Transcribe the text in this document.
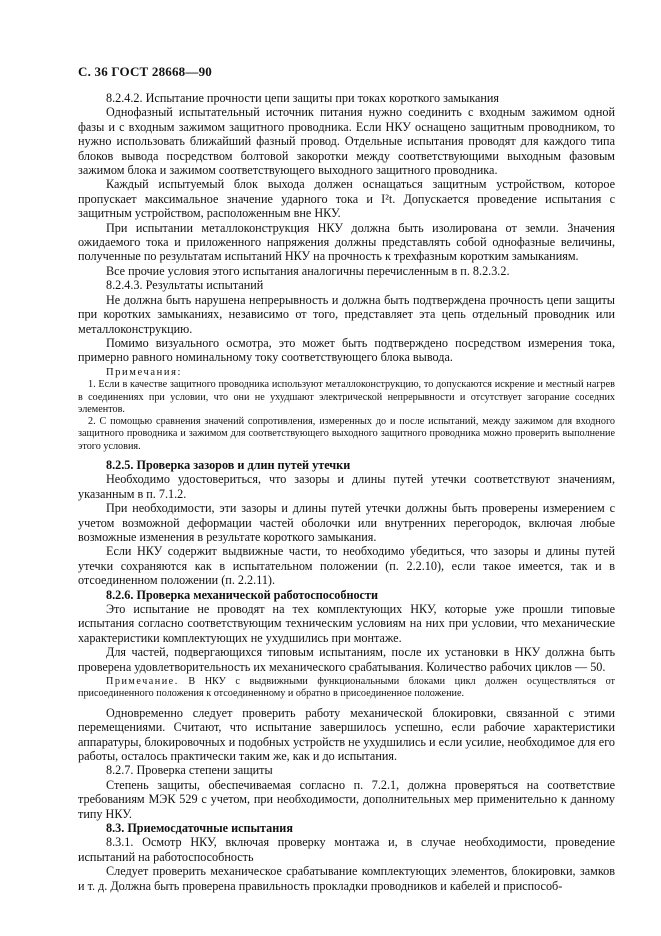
С. 36 ГОСТ 28668—90

8.2.4.2. Испытание прочности цепи защиты при токах короткого замыкания

Однофазный испытательный источник питания нужно соединить с входным зажимом одной фазы и с входным зажимом защитного проводника. Если НКУ оснащено защитным проводником, то нужно использовать ближайший фазный провод. Отдельные испытания проводят для каждого типа блоков вывода посредством болтовой закоротки между соответствующими выходным фазовым зажимом блока и зажимом соответствующего выходного защитного проводника.

Каждый испытуемый блок выхода должен оснащаться защитным устройством, которое пропускает максимальное значение ударного тока и I²t. Допускается проведение испытания с защитным устройством, расположенным вне НКУ.

При испытании металлоконструкция НКУ должна быть изолирована от земли. Значения ожидаемого тока и приложенного напряжения должны представлять собой однофазные величины, полученные по результатам испытаний НКУ на прочность к трехфазным коротким замыканиям.

Все прочие условия этого испытания аналогичны перечисленным в п. 8.2.3.2.

8.2.4.3. Результаты испытаний

Не должна быть нарушена непрерывность и должна быть подтверждена прочность цепи защиты при коротких замыканиях, независимо от того, представляет эта цепь отдельный проводник или металлоконструкцию.

Помимо визуального осмотра, это может быть подтверждено посредством измерения тока, примерно равного номинальному току соответствующего блока вывода.

Примечания:

1. Если в качестве защитного проводника используют металлоконструкцию, то допускаются искрение и местный нагрев в соединениях при условии, что они не ухудшают электрической непрерывности и отсутствует загорание соседних элементов.

2. С помощью сравнения значений сопротивления, измеренных до и после испытаний, между зажимом для входного защитного проводника и зажимом для соответствующего выходного защитного проводника можно проверить выполнение этого условия.

8.2.5. Проверка зазоров и длин путей утечки

Необходимо удостовериться, что зазоры и длины путей утечки соответствуют значениям, указанным в п. 7.1.2.

При необходимости, эти зазоры и длины путей утечки должны быть проверены измерением с учетом возможной деформации частей оболочки или внутренних перегородок, включая любые возможные изменения в результате короткого замыкания.

Если НКУ содержит выдвижные части, то необходимо убедиться, что зазоры и длины путей утечки сохраняются как в испытательном положении (п. 2.2.10), если такое имеется, так и в отсоединенном положении (п. 2.2.11).

8.2.6. Проверка механической работоспособности

Это испытание не проводят на тех комплектующих НКУ, которые уже прошли типовые испытания согласно соответствующим техническим условиям на них при условии, что механические характеристики комплектующих не ухудшились при монтаже.

Для частей, подвергающихся типовым испытаниям, после их установки в НКУ должна быть проверена удовлетворительность их механического срабатывания. Количество рабочих циклов — 50.

Примечание. В НКУ с выдвижными функциональными блоками цикл должен осуществляться от присоединенного положения к отсоединенному и обратно в присоединенное положение.

Одновременно следует проверить работу механической блокировки, связанной с этими перемещениями. Считают, что испытание завершилось успешно, если рабочие характеристики аппаратуры, блокировочных и подобных устройств не ухудшились и если усилие, необходимое для его работы, осталось практически таким же, как и до испытания.

8.2.7. Проверка степени защиты

Степень защиты, обеспечиваемая согласно п. 7.2.1, должна проверяться на соответствие требованиям МЭК 529 с учетом, при необходимости, дополнительных мер применительно к данному типу НКУ.

8.3. Приемосдаточные испытания

8.3.1. Осмотр НКУ, включая проверку монтажа и, в случае необходимости, проведение испытаний на работоспособность

Следует проверить механическое срабатывание комплектующих элементов, блокировки, замков и т. д. Должна быть проверена правильность прокладки проводников и кабелей и приспособ-
